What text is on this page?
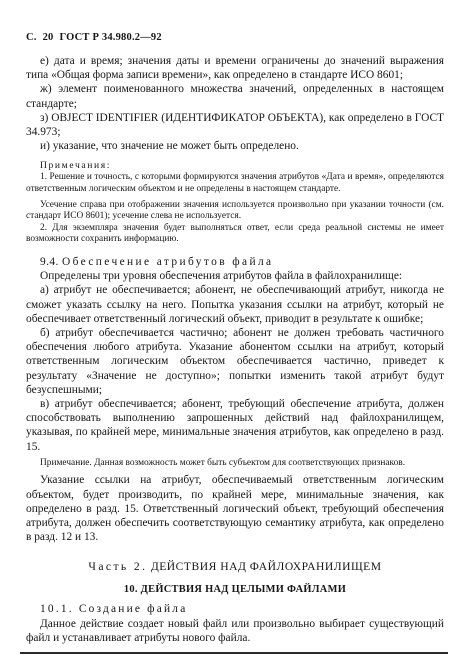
С. 20 ГОСТ Р 34.980.2—92

е) дата и время; значения даты и времени ограничены до значений выражения типа «Общая форма записи времени», как определено в стандарте ИСО 8601;

ж) элемент поименованного множества значений, определенных в настоящем стандарте;

з) OBJECT IDENTIFIER (ИДЕНТИФИКАТОР ОБЪЕКТА), как определено в ГОСТ 34.973;

и) указание, что значение не может быть определено.

Примечания:

1. Решение и точность, с которыми формируются значения атрибутов «Дата и время», определяются ответственным логическим объектом и не определены в настоящем стандарте.

Усечение справа при отображении значения используется произвольно при указании точности (см. стандарт ИСО 8601); усечение слева не используется.

2. Для экземпляра значения будет выполняться ответ, если среда реальной системы не имеет возможности сохранить информацию.

9.4. Обеспечение атрибутов файла

Определены три уровня обеспечения атрибутов файла в файлохранилище:

а) атрибут не обеспечивается; абонент, не обеспечивающий атрибут, никогда не сможет указать ссылку на него. Попытка указания ссылки на атрибут, который не обеспечивает ответственный логический объект, приводит в результате к ошибке;

б) атрибут обеспечивается частично; абонент не должен требовать частичного обеспечения любого атрибута. Указание абонентом ссылки на атрибут, который ответственным логическим объектом обеспечивается частично, приведет к результату «Значение не доступно»; попытки изменить такой атрибут будут безуспешными;

в) атрибут обеспечивается; абонент, требующий обеспечение атрибута, должен способствовать выполнению запрошенных действий над файлохранилищем, указывая, по крайней мере, минимальные значения атрибутов, как определено в разд. 15.

Примечание. Данная возможность может быть субъектом для соответствующих признаков.

Указание ссылки на атрибут, обеспечиваемый ответственным логическим объектом, будет производить, по крайней мере, минимальные значения, как определено в разд. 15. Ответственный логический объект, требующий обеспечения атрибута, должен обеспечить соответствующую семантику атрибута, как определено в разд. 12 и 13.

Часть 2. ДЕЙСТВИЯ НАД ФАЙЛОХРАНИЛИЩЕМ

10. ДЕЙСТВИЯ НАД ЦЕЛЫМИ ФАЙЛАМИ

10.1. Создание файла

Данное действие создает новый файл или произвольно выбирает существующий файл и устанавливает атрибуты нового файла.
